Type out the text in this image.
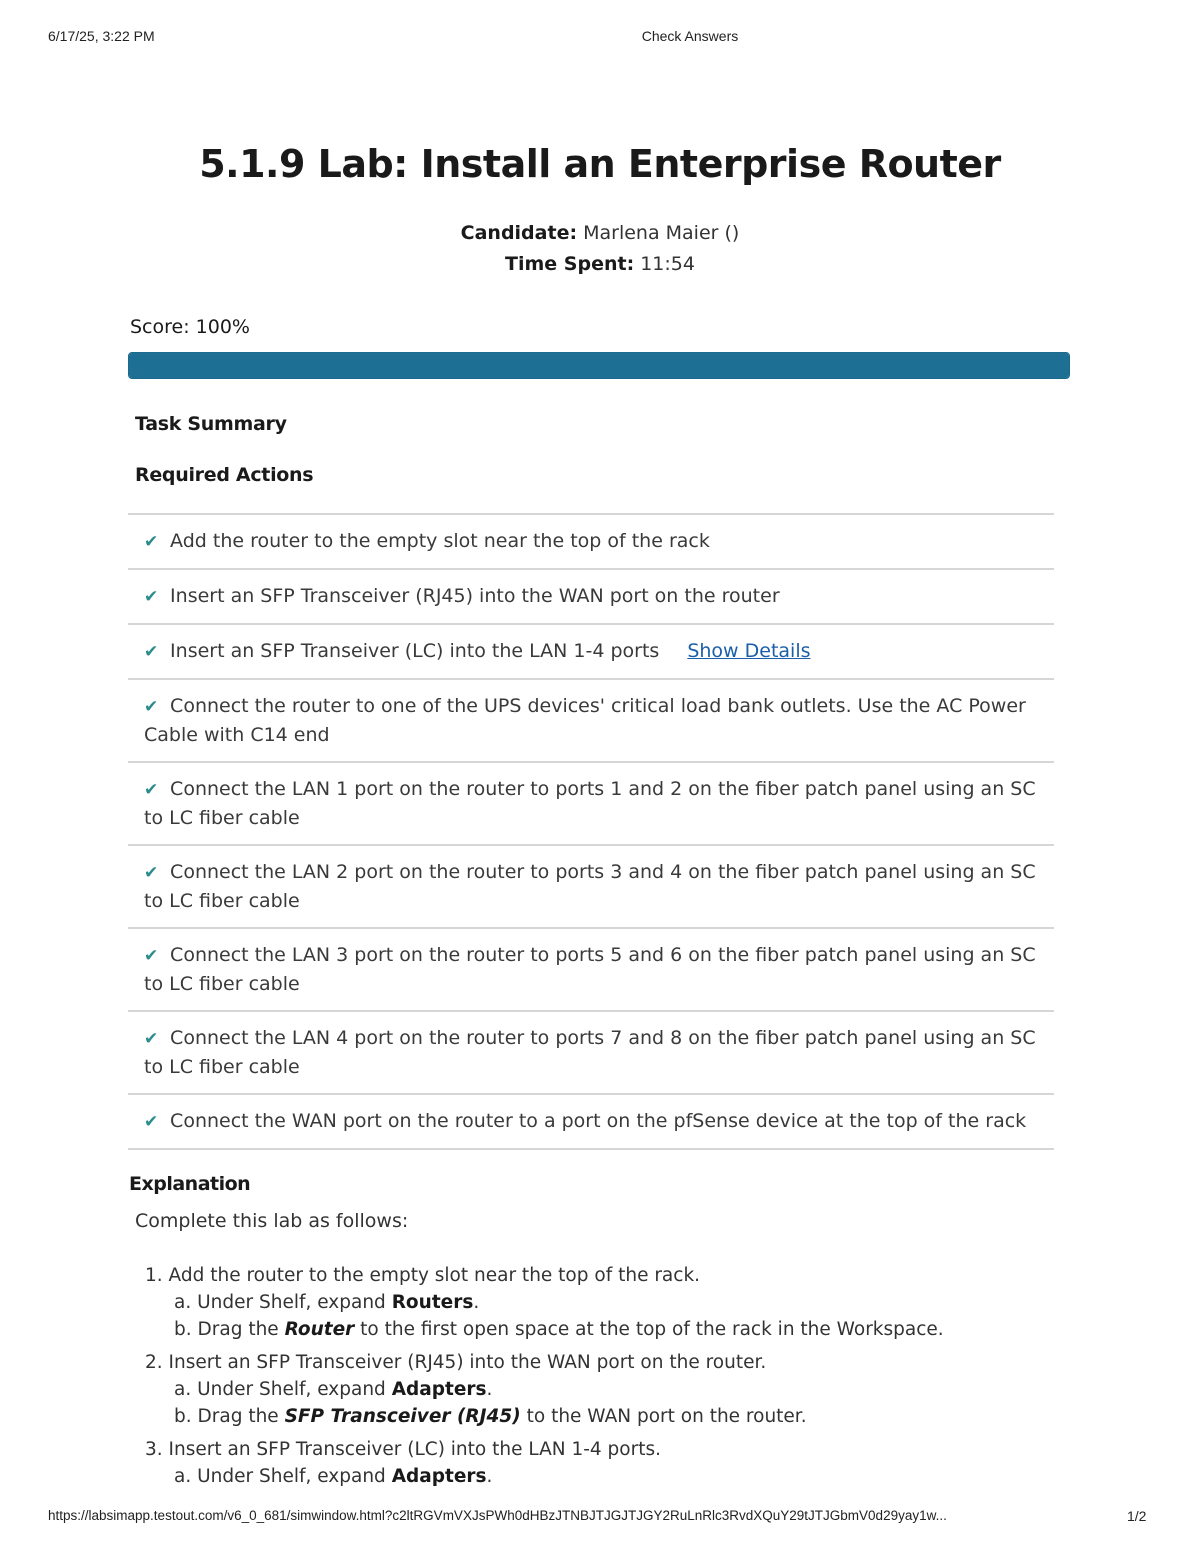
6/17/25, 3:22 PM	Check Answers
5.1.9 Lab: Install an Enterprise Router
Candidate: Marlena Maier ()
Time Spent: 11:54
Score: 100%
Task Summary
Required Actions
✔ Add the router to the empty slot near the top of the rack
✔ Insert an SFP Transceiver (RJ45) into the WAN port on the router
✔ Insert an SFP Transeiver (LC) into the LAN 1-4 ports Show Details
✔ Connect the router to one of the UPS devices' critical load bank outlets. Use the AC Power Cable with C14 end
✔ Connect the LAN 1 port on the router to ports 1 and 2 on the fiber patch panel using an SC to LC fiber cable
✔ Connect the LAN 2 port on the router to ports 3 and 4 on the fiber patch panel using an SC to LC fiber cable
✔ Connect the LAN 3 port on the router to ports 5 and 6 on the fiber patch panel using an SC to LC fiber cable
✔ Connect the LAN 4 port on the router to ports 7 and 8 on the fiber patch panel using an SC to LC fiber cable
✔ Connect the WAN port on the router to a port on the pfSense device at the top of the rack
Explanation
Complete this lab as follows:
1. Add the router to the empty slot near the top of the rack.
a. Under Shelf, expand Routers.
b. Drag the Router to the first open space at the top of the rack in the Workspace.
2. Insert an SFP Transceiver (RJ45) into the WAN port on the router.
a. Under Shelf, expand Adapters.
b. Drag the SFP Transceiver (RJ45) to the WAN port on the router.
3. Insert an SFP Transceiver (LC) into the LAN 1-4 ports.
a. Under Shelf, expand Adapters.
https://labsimapp.testout.com/v6_0_681/simwindow.html?c2ltRGVmVXJsPWh0dHBzJTNBJTJGJTJGY2RuLnRlc3RvdXQuY29tJTJGbmV0d29yay1w...	1/2
